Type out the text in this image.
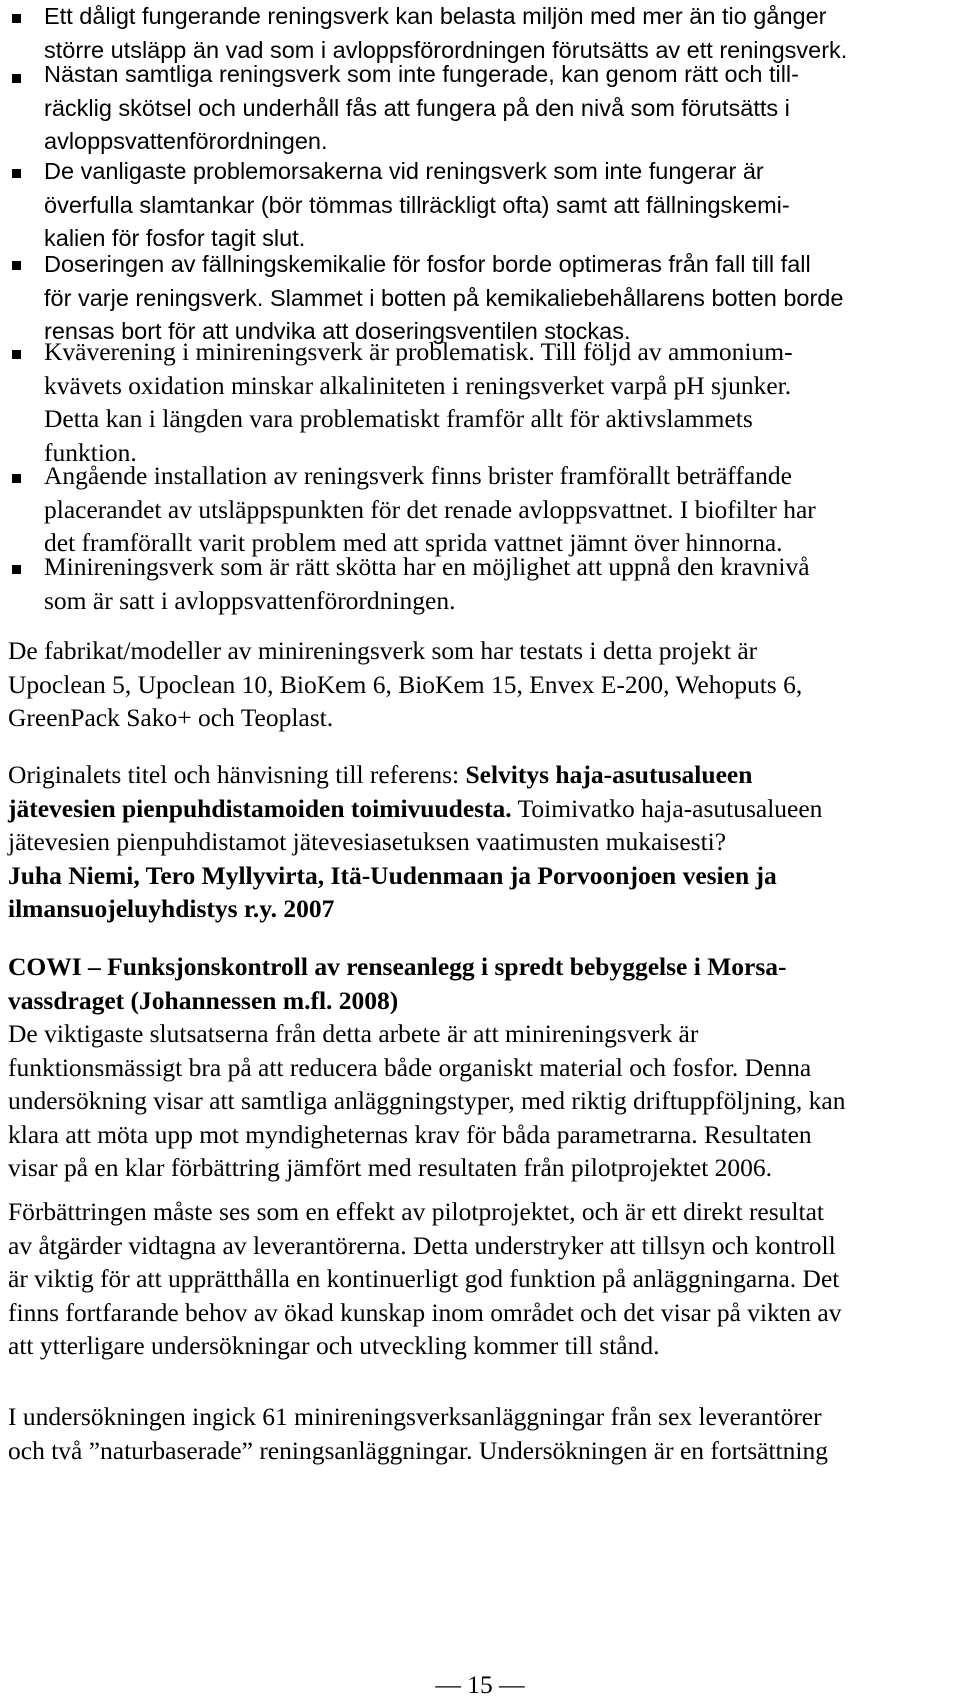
Ett dåligt fungerande reningsverk kan belasta miljön med mer än tio gånger
större utsläpp än vad som i avloppsförordningen förutsätts av ett reningsverk.
Nästan samtliga reningsverk som inte fungerade, kan genom rätt och till-
räcklig skötsel och underhåll fås att fungera på den nivå som förutsätts i
avloppsvattenförordningen.
De vanligaste problemorsakerna vid reningsverk som inte fungerar är
överfulla slamtankar (bör tömmas tillräckligt ofta) samt att fällningskemi-
kalien för fosfor tagit slut.
Doseringen av fällningskemikalie för fosfor borde optimeras från fall till fall
för varje reningsverk. Slammet i botten på kemikaliebehållarens botten borde
rensas bort för att undvika att doseringsventilen stockas.
Kväverening i minireningsverk är problematisk. Till följd av ammonium-
kvävets oxidation minskar alkaliniteten i reningsverket varpå pH sjunker.
Detta kan i längden vara problematiskt framför allt för aktivslammets
funktion.
Angående installation av reningsverk finns brister framförallt beträffande
placerandet av utsläppspunkten för det renade avloppsvattnet. I biofilter har
det framförallt varit problem med att sprida vattnet jämnt över hinnorna.
Minireningsverk som är rätt skötta har en möjlighet att uppnå den kravnivå
som är satt i avloppsvattenförordningen.
De fabrikat/modeller av minireningsverk som har testats i detta projekt är
Upoclean 5, Upoclean 10, BioKem 6, BioKem 15, Envex E-200, Wehoputs 6,
GreenPack Sako+ och Teoplast.
Originalets titel och hänvisning till referens: Selvitys haja-asutusalueen
jätevesien pienpuhdistamoiden toimivuudesta. Toimivatko haja-asutusalueen
jätevesien pienpuhdistamot jätevesiasetuksen vaatimusten mukaisesti?
Juha Niemi, Tero Myllyvirta, Itä-Uudenmaan ja Porvoonjoen vesien ja
ilmansuojeluyhdistys r.y. 2007
COWI – Funksjonskontroll av renseanlegg i spredt bebyggelse i Morsa-
vassdraget (Johannessen m.fl. 2008)
De viktigaste slutsatserna från detta arbete är att minireningsverk är
funktionsmässigt bra på att reducera både organiskt material och fosfor. Denna
undersökning visar att samtliga anläggningstyper, med riktig driftuppföljning, kan
klara att möta upp mot myndigheternas krav för båda parametrarna. Resultaten
visar på en klar förbättring jämfört med resultaten från pilotprojektet 2006.
Förbättringen måste ses som en effekt av pilotprojektet, och är ett direkt resultat
av åtgärder vidtagna av leverantörerna. Detta understryker att tillsyn och kontroll
är viktig för att upprätthålla en kontinuerligt god funktion på anläggningarna. Det
finns fortfarande behov av ökad kunskap inom området och det visar på vikten av
att ytterligare undersökningar och utveckling kommer till stånd.
I undersökningen ingick 61 minireningsverksanläggningar från sex leverantörer
och två ”naturbaserade” reningsanläggningar. Undersökningen är en fortsättning
— 15 —
